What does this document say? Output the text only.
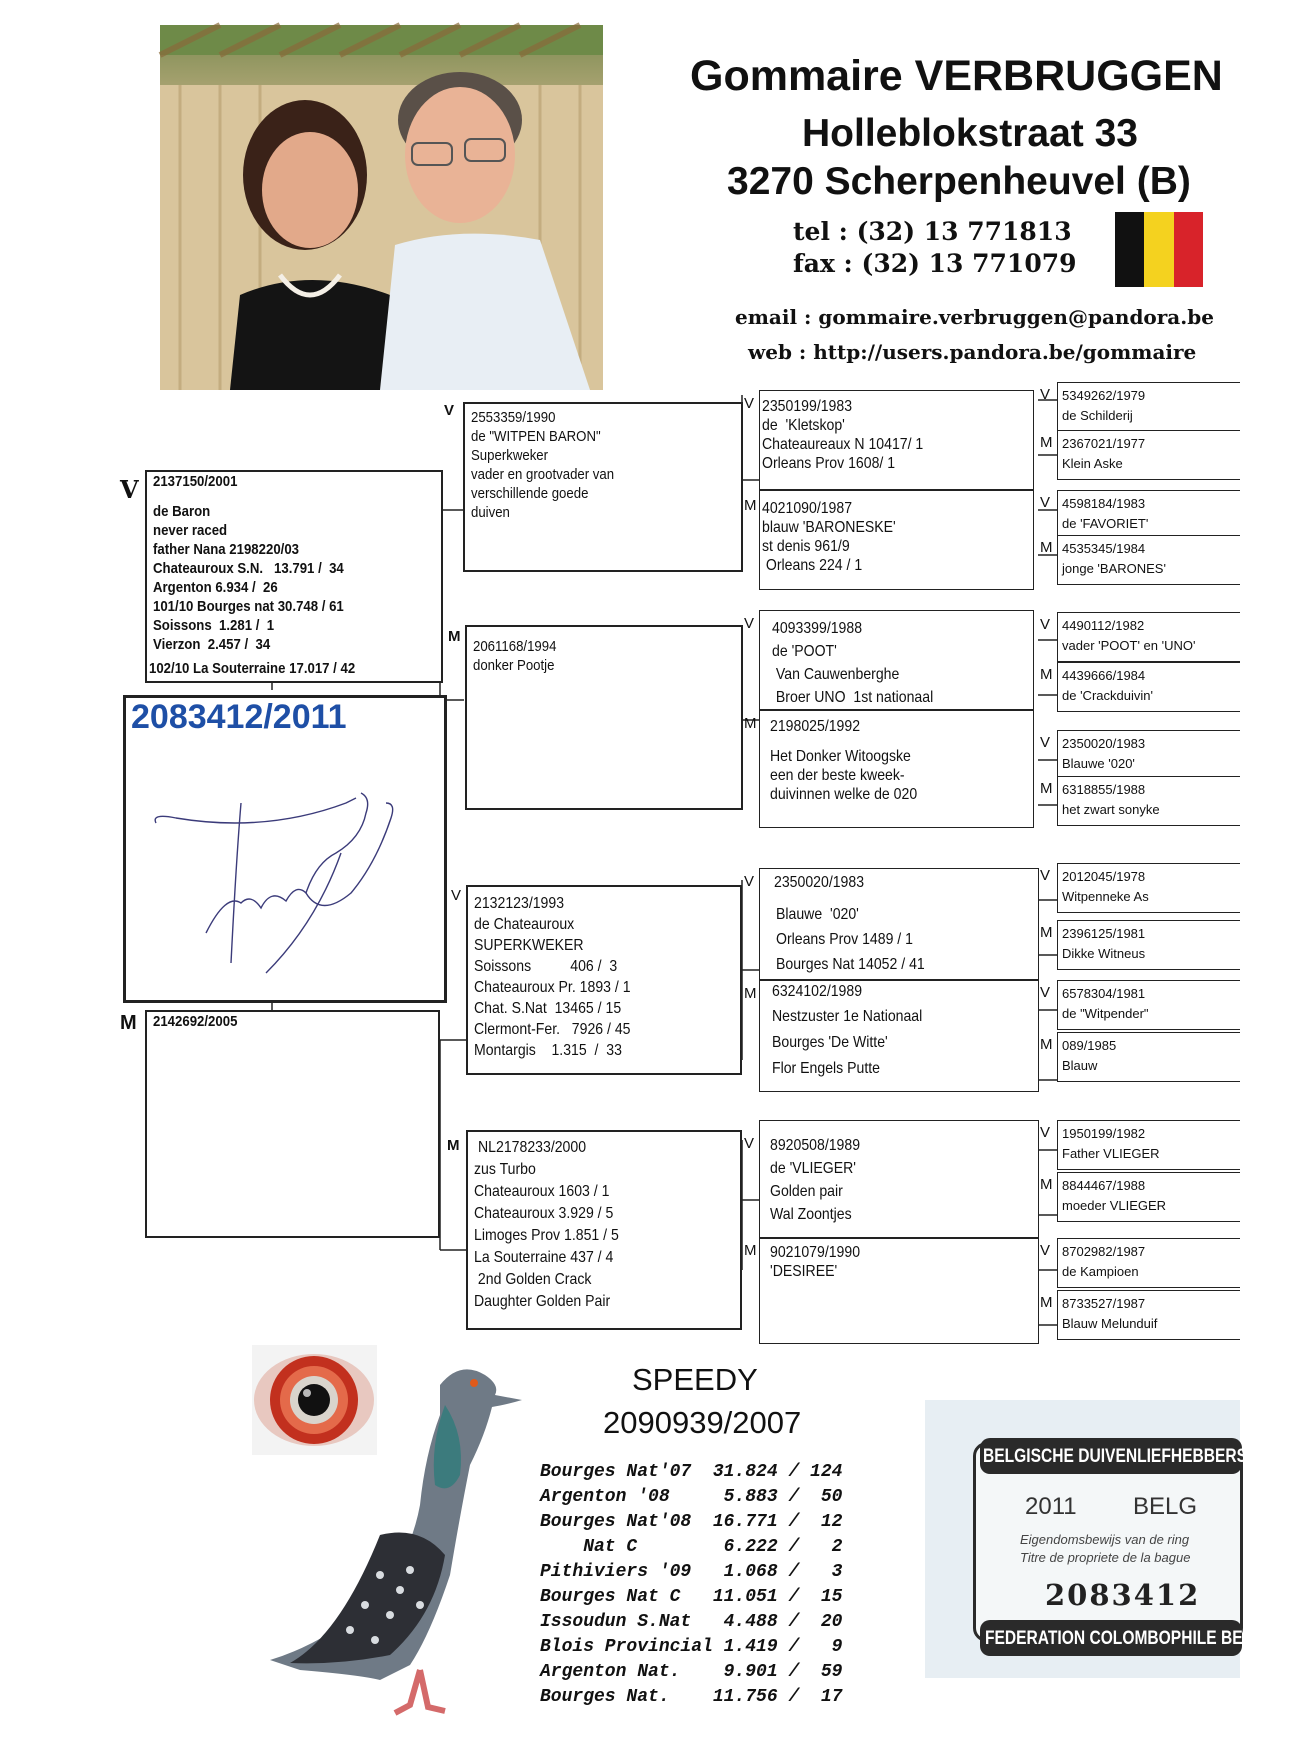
Gommaire VERBRUGGEN
Holleblokstraat 33
3270 Scherpenheuvel (B)
tel : (32) 13 771813
fax : (32) 13 771079
email : gommaire.verbruggen@pandora.be
web : http://users.pandora.be/gommaire
V 2137150/2001
de Baron
never raced
father Nana 2198220/03
Chateauroux S.N.   13.791 /  34
Argenton 6.934 /  26
101/10 Bourges nat 30.748 / 61
Soissons  1.281 /  1
Vierzon  2.457 /  34
102/10 La Souterraine 17.017 / 42
2083412/2011
M 2142692/2005
V 2553359/1990
de "WITPEN BARON"
Superkweker
vader en grootvader van
verschillende goede
duiven
M
2061168/1994
donker Pootje
V 2132123/1993
de Chateauroux
SUPERKWEKER
Soissons          406 /  3
Chateauroux Pr. 1893 / 1
Chat. S.Nat  13465 / 15
Clermont-Fer.   7926 / 45
Montargis    1.315  /  33
M NL2178233/2000
zus Turbo
Chateauroux 1603 / 1
Chateauroux 3.929 / 5
Limoges Prov 1.851 / 5
La Souterraine 437 / 4
2nd Golden Crack
Daughter Golden Pair
V 2350199/1983
de  'Kletskop'
Chateaureaux N 10417/ 1
Orleans Prov 1608/ 1
M 4021090/1987
blauw 'BARONESKE'
st denis 961/9
Orleans 224 / 1
V 4093399/1988
de 'POOT'
Van Cauwenberghe
Broer UNO  1st nationaal
M 2198025/1992
Het Donker Witoogske
een der beste kweek-
duivinnen welke de 020
V 2350020/1983
Blauwe  '020'
Orleans Prov 1489 / 1
Bourges Nat 14052 / 41
M 6324102/1989
Nestzuster 1e Nationaal
Bourges 'De Witte'
Flor Engels Putte
V 8920508/1989
de 'VLIEGER'
Golden pair
Wal Zoontjes
M 9021079/1990
'DESIREE'
V 5349262/1979
de Schilderij
M 2367021/1977
Klein Aske
V 4598184/1983
de 'FAVORIET'
M 4535345/1984
jonge 'BARONES'
V 4490112/1982
vader 'POOT' en 'UNO'
M 4439666/1984
de 'Crackduivin'
V 2350020/1983
Blauwe '020'
M 6318855/1988
het zwart sonyke
V 2012045/1978
Witpenneke As
M 2396125/1981
Dikke Witneus
V 6578304/1981
de "Witpender"
M 089/1985
Blauw
V 1950199/1982
Father VLIEGER
M 8844467/1988
moeder VLIEGER
V 8702982/1987
de Kampioen
M 8733527/1987
Blauw Melunduif
SPEEDY
2090939/2007
Bourges Nat'07  31.824 / 124
Argenton '08     5.883 /  50
Bourges Nat'08  16.771 /  12
Nat C        6.222 /   2
Pithiviers '09   1.068 /   3
Bourges Nat C   11.051 /  15
Issoudun S.Nat   4.488 /  20
Blois Provincial 1.419 /   9
Argenton Nat.    9.901 /  59
Bourges Nat.    11.756 /  17
BELGISCHE DUIVENLIEFHEBBERSBOND
2011 BELG
Eigendomsbewijs van de ring
Titre de propriete de la bague
2083412
FEDERATION COLOMBOPHILE BELGE
